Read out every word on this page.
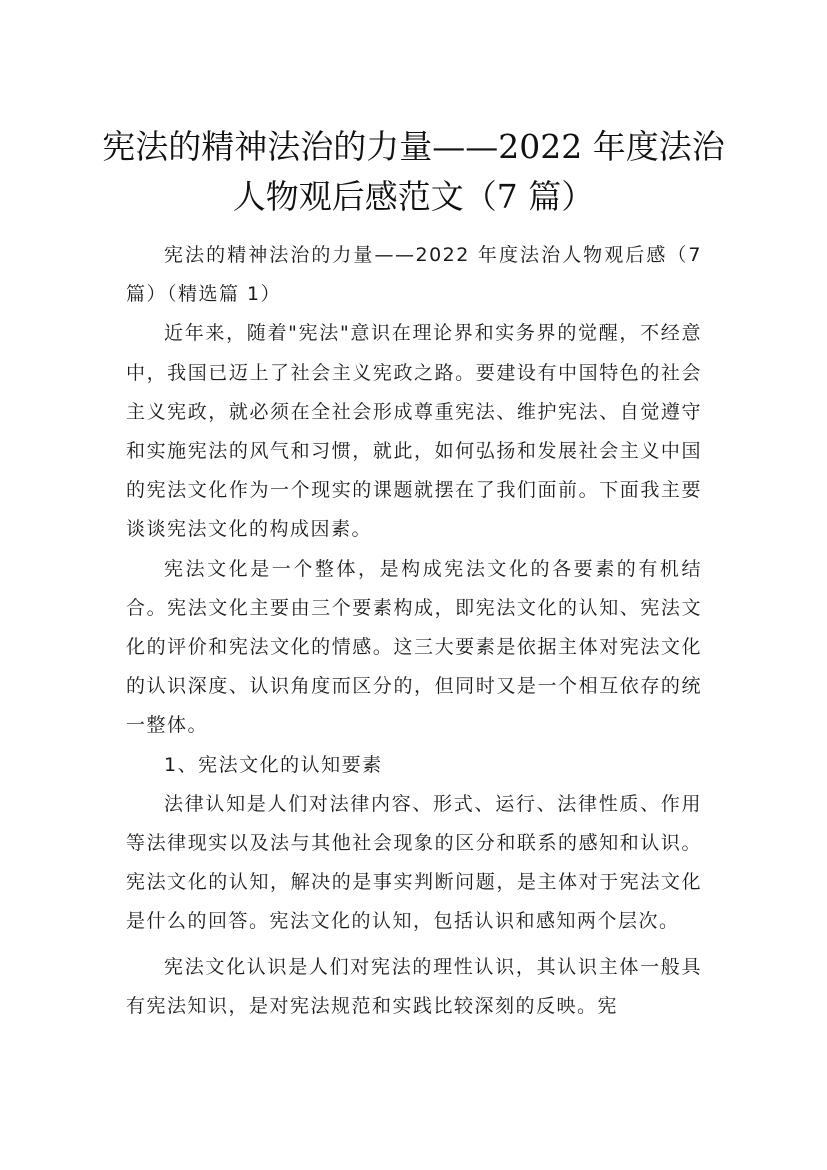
宪法的精神法治的力量——2022 年度法治
人物观后感范文（7 篇）

宪法的精神法治的力量——2022 年度法治人物观后感（7 篇）（精选篇 1）

近年来，随着"宪法"意识在理论界和实务界的觉醒，不经意中，我国已迈上了社会主义宪政之路。要建设有中国特色的社会主义宪政，就必须在全社会形成尊重宪法、维护宪法、自觉遵守和实施宪法的风气和习惯，就此，如何弘扬和发展社会主义中国的宪法文化作为一个现实的课题就摆在了我们面前。下面我主要谈谈宪法文化的构成因素。

宪法文化是一个整体，是构成宪法文化的各要素的有机结合。宪法文化主要由三个要素构成，即宪法文化的认知、宪法文化的评价和宪法文化的情感。这三大要素是依据主体对宪法文化的认识深度、认识角度而区分的，但同时又是一个相互依存的统一整体。

1、宪法文化的认知要素

法律认知是人们对法律内容、形式、运行、法律性质、作用等法律现实以及法与其他社会现象的区分和联系的感知和认识。宪法文化的认知，解决的是事实判断问题，是主体对于宪法文化是什么的回答。宪法文化的认知，包括认识和感知两个层次。

宪法文化认识是人们对宪法的理性认识，其认识主体一般具有宪法知识，是对宪法规范和实践比较深刻的反映。宪
